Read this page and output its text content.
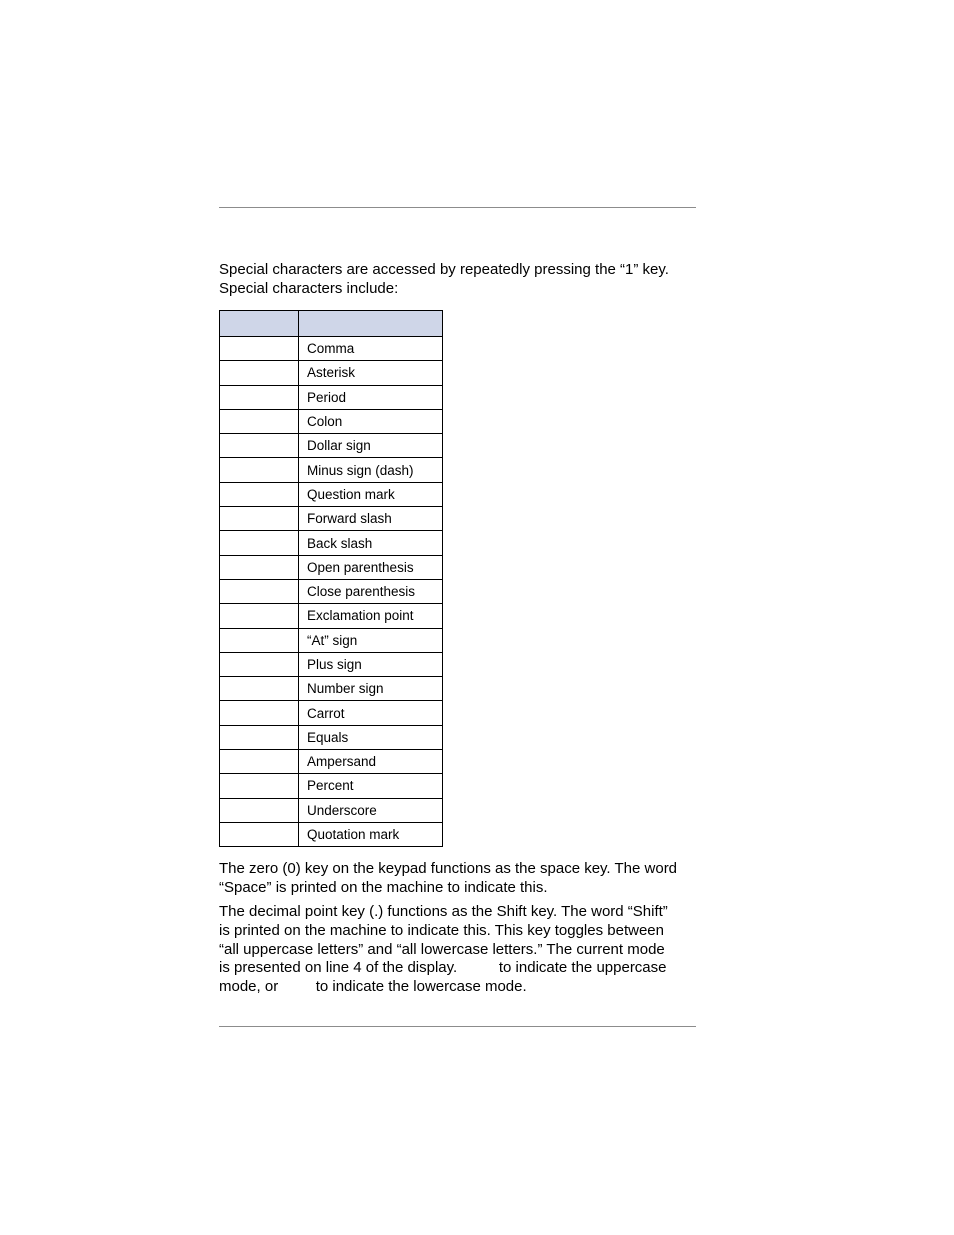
Special characters are accessed by repeatedly pressing the “1” key.
Special characters include:

	Comma
	Asterisk
	Period
	Colon
	Dollar sign
	Minus sign (dash)
	Question mark
	Forward slash
	Back slash
	Open parenthesis
	Close parenthesis
	Exclamation point
	“At” sign
	Plus sign
	Number sign
	Carrot
	Equals
	Ampersand
	Percent
	Underscore
	Quotation mark

The zero (0) key on the keypad functions as the space key. The word
“Space” is printed on the machine to indicate this.

The decimal point key (.) functions as the Shift key. The word “Shift”
is printed on the machine to indicate this. This key toggles between
“all uppercase letters” and “all lowercase letters.” The current mode
is presented on line 4 of the display.          to indicate the uppercase
mode, or         to indicate the lowercase mode.
